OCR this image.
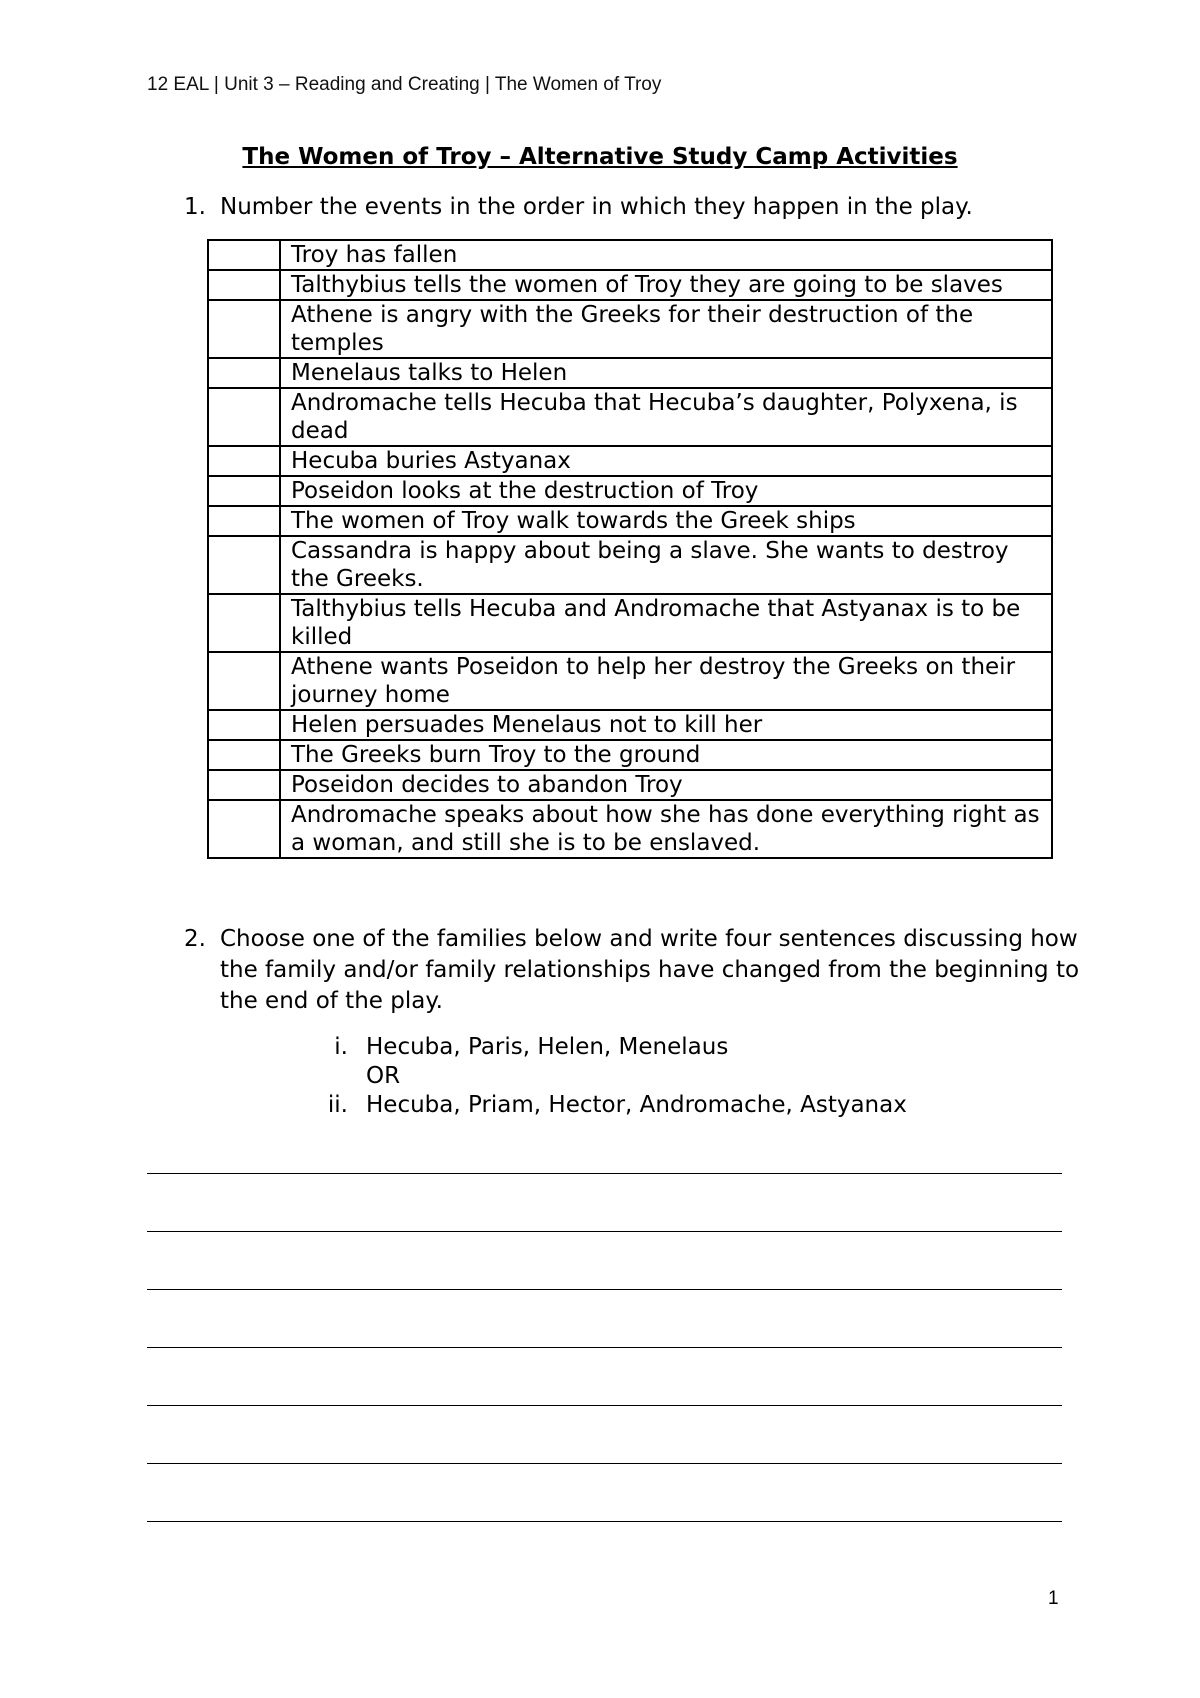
12 EAL | Unit 3 – Reading and Creating | The Women of Troy
The Women of Troy – Alternative Study Camp Activities
1. Number the events in the order in which they happen in the play.
	Troy has fallen
	Talthybius tells the women of Troy they are going to be slaves
	Athene is angry with the Greeks for their destruction of the temples
	Menelaus talks to Helen
	Andromache tells Hecuba that Hecuba’s daughter, Polyxena, is dead
	Hecuba buries Astyanax
	Poseidon looks at the destruction of Troy
	The women of Troy walk towards the Greek ships
	Cassandra is happy about being a slave. She wants to destroy the Greeks.
	Talthybius tells Hecuba and Andromache that Astyanax is to be killed
	Athene wants Poseidon to help her destroy the Greeks on their journey home
	Helen persuades Menelaus not to kill her
	The Greeks burn Troy to the ground
	Poseidon decides to abandon Troy
	Andromache speaks about how she has done everything right as a woman, and still she is to be enslaved.
2. Choose one of the families below and write four sentences discussing how the family and/or family relationships have changed from the beginning to the end of the play.
i. Hecuba, Paris, Helen, Menelaus
OR
ii. Hecuba, Priam, Hector, Andromache, Astyanax
1
